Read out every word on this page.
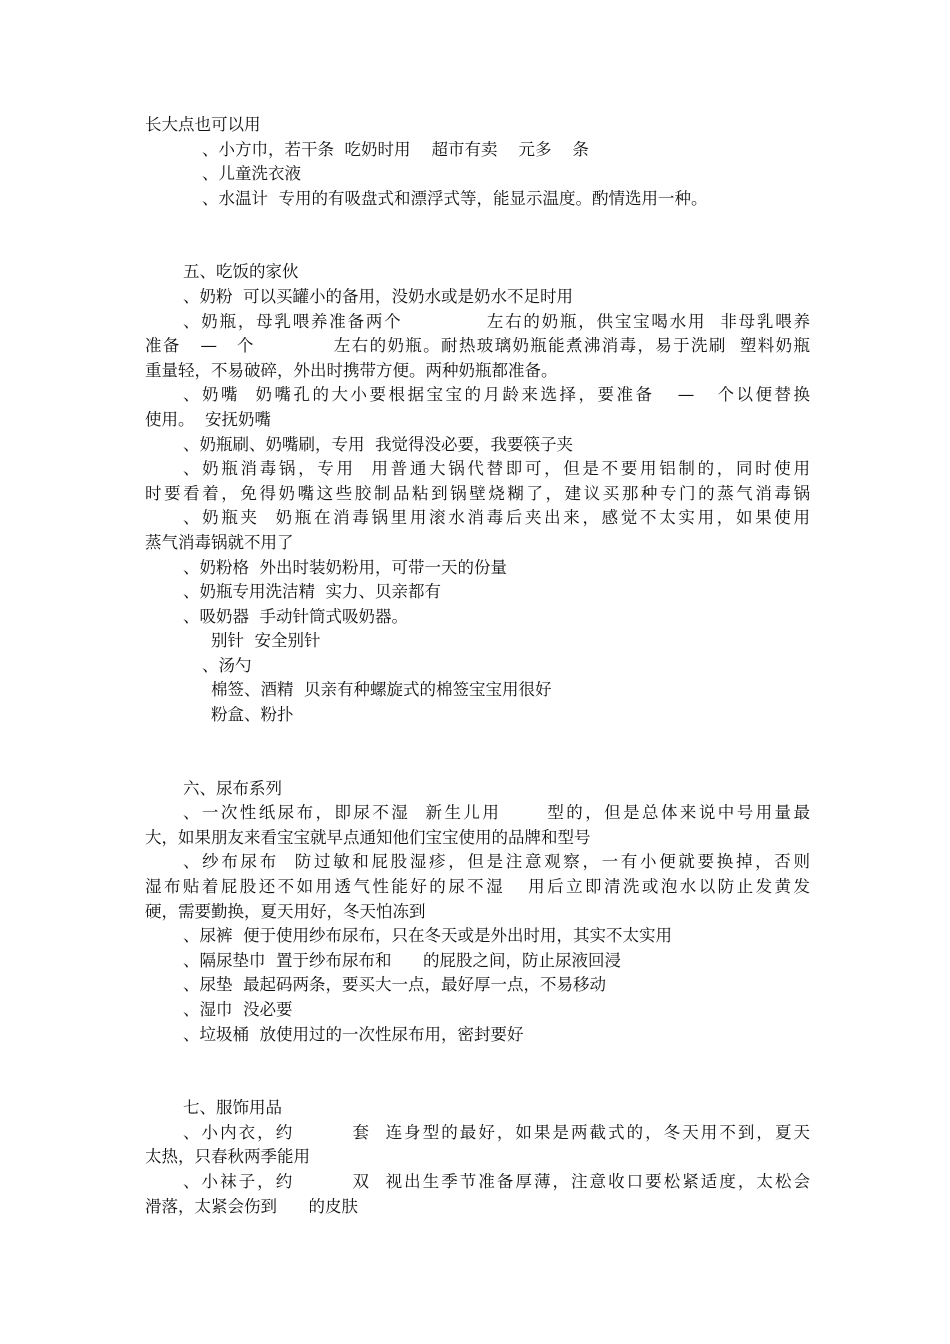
长大点也可以用
、小方巾，若干条  吃奶时用    超市有卖    元多    条
、儿童洗衣液
、水温计  专用的有吸盘式和漂浮式等，能显示温度。酌情选用一种。
五、吃饭的家伙
、奶粉  可以买罐小的备用，没奶水或是奶水不足时用
、奶瓶，母乳喂养准备两个            左右的奶瓶，供宝宝喝水用  非母乳喂养
准备   —   个            左右的奶瓶。耐热玻璃奶瓶能煮沸消毒，易于洗刷  塑料奶瓶
重量轻，不易破碎，外出时携带方便。两种奶瓶都准备。
、奶嘴  奶嘴孔的大小要根据宝宝的月龄来选择，要准备   —   个以便替换
使用。  安抚奶嘴
、奶瓶刷、奶嘴刷，专用  我觉得没必要，我要筷子夹
、奶瓶消毒锅，专用  用普通大锅代替即可，但是不要用铝制的，同时使用
时要看着，免得奶嘴这些胶制品粘到锅壁烧糊了，建议买那种专门的蒸气消毒锅
、奶瓶夹  奶瓶在消毒锅里用滚水消毒后夹出来，感觉不太实用，如果使用
蒸气消毒锅就不用了
、奶粉格  外出时装奶粉用，可带一天的份量
、奶瓶专用洗洁精  实力、贝亲都有
、吸奶器  手动针筒式吸奶器。
别针  安全别针
、汤勺
棉签、酒精  贝亲有种螺旋式的棉签宝宝用很好
粉盒、粉扑
六、尿布系列
、一次性纸尿布，即尿不湿  新生儿用      型的，但是总体来说中号用量最
大，如果朋友来看宝宝就早点通知他们宝宝使用的品牌和型号
、纱布尿布  防过敏和屁股湿疹，但是注意观察，一有小便就要换掉，否则
湿布贴着屁股还不如用透气性能好的尿不湿   用后立即清洗或泡水以防止发黄发
硬，需要勤换，夏天用好，冬天怕冻到
、尿裤  便于使用纱布尿布，只在冬天或是外出时用，其实不太实用
、隔尿垫巾  置于纱布尿布和      的屁股之间，防止尿液回浸
、尿垫  最起码两条，要买大一点，最好厚一点，不易移动
、湿巾  没必要
、垃圾桶  放使用过的一次性尿布用，密封要好
七、服饰用品
、小内衣，约        套  连身型的最好，如果是两截式的，冬天用不到，夏天
太热，只春秋两季能用
、小袜子，约        双  视出生季节准备厚薄，注意收口要松紧适度，太松会
滑落，太紧会伤到      的皮肤
